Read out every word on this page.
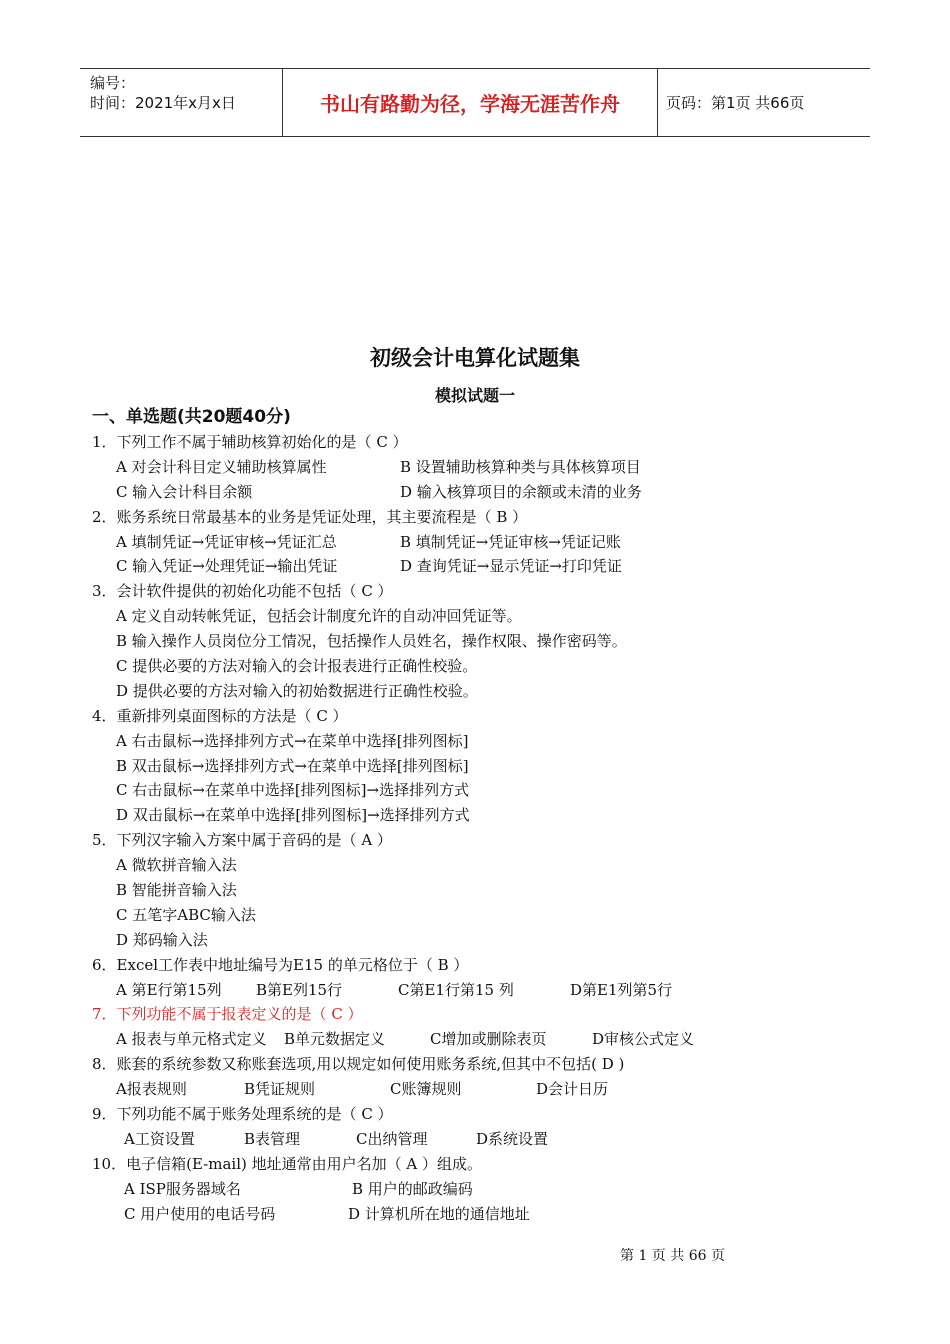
编号：
时间：2021年x月x日	书山有路勤为径，学海无涯苦作舟	页码：第1页 共66页
初级会计电算化试题集
模拟试题一
一、单选题(共20题40分)
1．下列工作不属于辅助核算初始化的是（ C ）
A 对会计科目定义辅助核算属性	B 设置辅助核算种类与具体核算项目
C 输入会计科目余额	D 输入核算项目的余额或未清的业务
2．账务系统日常最基本的业务是凭证处理，其主要流程是（ B ）
A 填制凭证→凭证审核→凭证汇总	B 填制凭证→凭证审核→凭证记账
C 输入凭证→处理凭证→输出凭证	D 查询凭证→显示凭证→打印凭证
3．会计软件提供的初始化功能不包括（ C ）
A 定义自动转帐凭证，包括会计制度允许的自动冲回凭证等。
B 输入操作人员岗位分工情况，包括操作人员姓名，操作权限、操作密码等。
C 提供必要的方法对输入的会计报表进行正确性校验。
D 提供必要的方法对输入的初始数据进行正确性校验。
4．重新排列桌面图标的方法是（ C ）
A 右击鼠标→选择排列方式→在菜单中选择[排列图标]
B 双击鼠标→选择排列方式→在菜单中选择[排列图标]
C 右击鼠标→在菜单中选择[排列图标]→选择排列方式
D 双击鼠标→在菜单中选择[排列图标]→选择排列方式
5．下列汉字输入方案中属于音码的是（ A ）
A 微软拼音输入法
B 智能拼音输入法
C 五笔字ABC输入法
D 郑码输入法
6．Excel工作表中地址编号为E15 的单元格位于（ B ）
A 第E行第15列 B第E列15行	C第E1行第15 列	D第E1列第5行
7．下列功能不属于报表定义的是（ C ）
A 报表与单元格式定义 B单元数据定义	C增加或删除表页	D审核公式定义
8．账套的系统参数又称账套选项,用以规定如何使用账务系统,但其中不包括( D )
A报表规则	B凭证规则	C账簿规则	D会计日历
9．下列功能不属于账务处理系统的是（ C ）
A工资设置	B表管理	C出纳管理	D系统设置
10．电子信箱(E-mail) 地址通常由用户名加（ A ）组成。
A ISP服务器域名	B 用户的邮政编码
C 用户使用的电话号码	D 计算机所在地的通信地址
第 1 页 共 66 页
